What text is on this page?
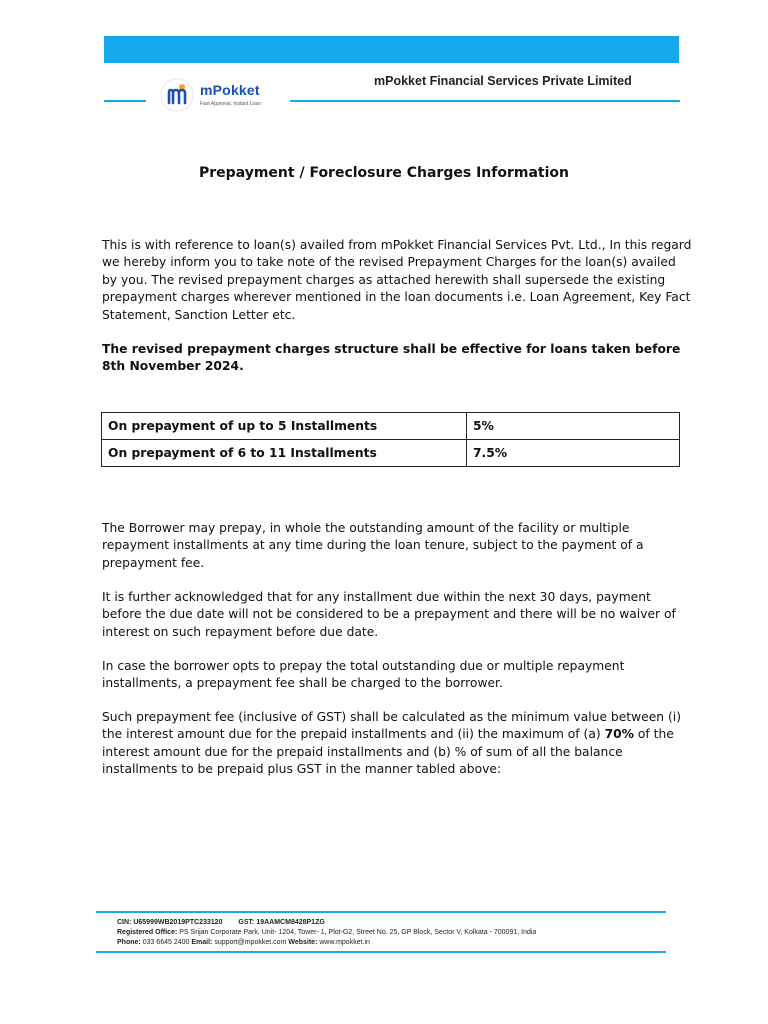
mPokket
Fast Approval, Instant Loan
mPokket Financial Services Private Limited
Prepayment / Foreclosure Charges Information

This is with reference to loan(s) availed from mPokket Financial Services Pvt. Ltd., In this regard we hereby inform you to take note of the revised Prepayment Charges for the loan(s) availed by you. The revised prepayment charges as attached herewith shall supersede the existing prepayment charges wherever mentioned in the loan documents i.e. Loan Agreement, Key Fact Statement, Sanction Letter etc.

The revised prepayment charges structure shall be effective for loans taken before 8th November 2024.

On prepayment of up to 5 Installments	5%
On prepayment of 6 to 11 Installments	7.5%

The Borrower may prepay, in whole the outstanding amount of the facility or multiple repayment installments at any time during the loan tenure, subject to the payment of a prepayment fee.

It is further acknowledged that for any installment due within the next 30 days, payment before the due date will not be considered to be a prepayment and there will be no waiver of interest on such repayment before due date.

In case the borrower opts to prepay the total outstanding due or multiple repayment installments, a prepayment fee shall be charged to the borrower.

Such prepayment fee (inclusive of GST) shall be calculated as the minimum value between (i) the interest amount due for the prepaid installments and (ii) the maximum of (a) 70% of the interest amount due for the prepaid installments and (b) % of sum of all the balance installments to be prepaid plus GST in the manner tabled above:

CIN: U65999WB2019PTC233120 GST: 19AAMCM8428P1ZG
Registered Office: PS Srijan Corporate Park, Unit- 1204, Tower- 1, Plot-G2, Street No. 25, GP Block, Sector V, Kolkata - 700091, India
Phone: 033 6645 2400 Email: support@mpokket.com Website: www.mpokket.in
